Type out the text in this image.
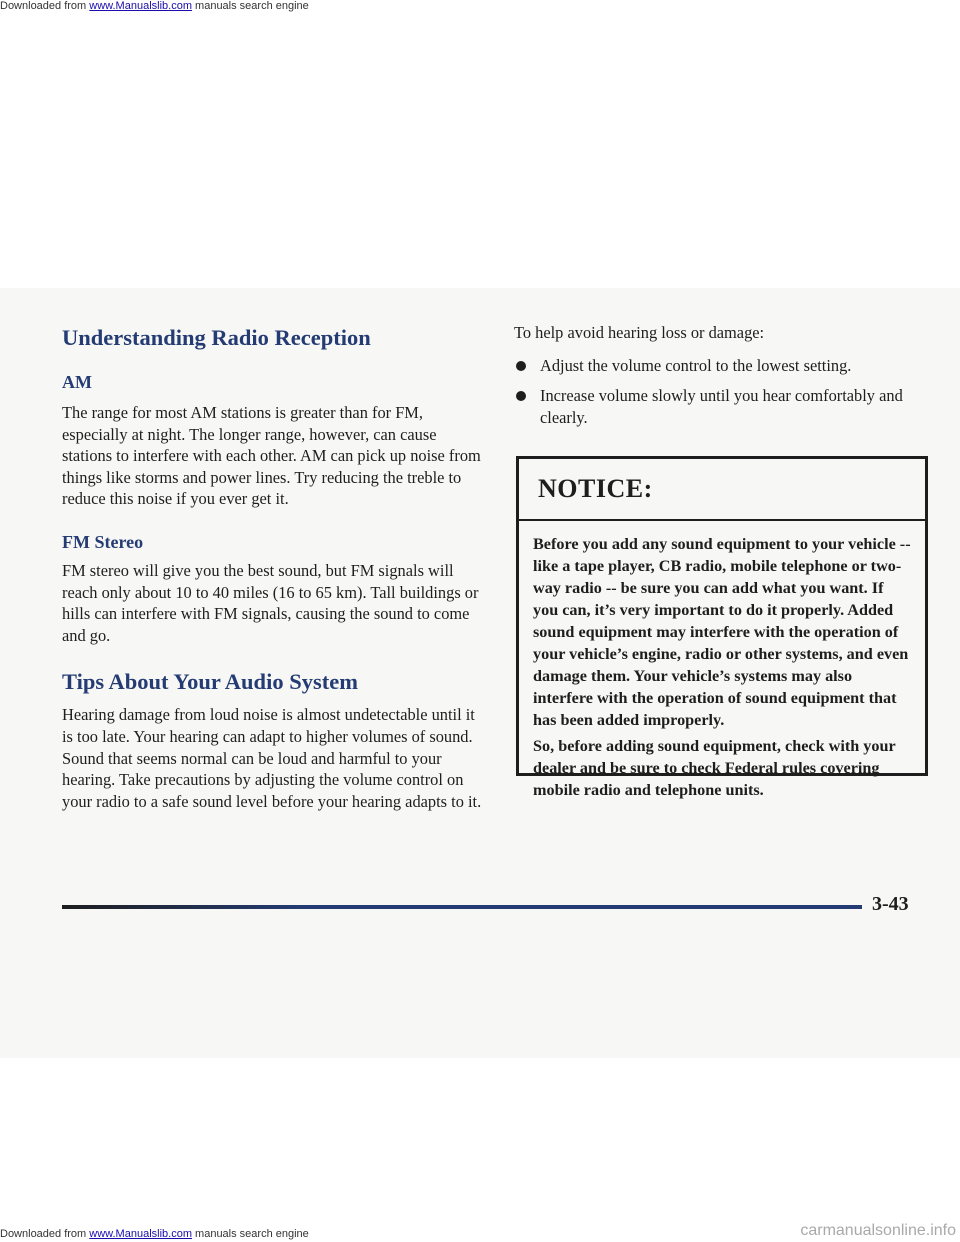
Downloaded from www.Manualslib.com manuals search engine
Understanding Radio Reception
AM

The range for most AM stations is greater than for FM, especially at night. The longer range, however, can cause stations to interfere with each other. AM can pick up noise from things like storms and power lines. Try reducing the treble to reduce this noise if you ever get it.

FM Stereo

FM stereo will give you the best sound, but FM signals will reach only about 10 to 40 miles (16 to 65 km). Tall buildings or hills can interfere with FM signals, causing the sound to come and go.

Tips About Your Audio System

Hearing damage from loud noise is almost undetectable until it is too late. Your hearing can adapt to higher volumes of sound. Sound that seems normal can be loud and harmful to your hearing. Take precautions by adjusting the volume control on your radio to a safe sound level before your hearing adapts to it.

To help avoid hearing loss or damage:

Adjust the volume control to the lowest setting.
Increase volume slowly until you hear comfortably and clearly.
NOTICE:

Before you add any sound equipment to your vehicle -- like a tape player, CB radio, mobile telephone or two-way radio -- be sure you can add what you want. If you can, it’s very important to do it properly. Added sound equipment may interfere with the operation of your vehicle’s engine, radio or other systems, and even damage them. Your vehicle’s systems may also interfere with the operation of sound equipment that has been added improperly.

So, before adding sound equipment, check with your dealer and be sure to check Federal rules covering mobile radio and telephone units.

3-43
Downloaded from www.Manualslib.com manuals search engine	carmanualsonline.info
